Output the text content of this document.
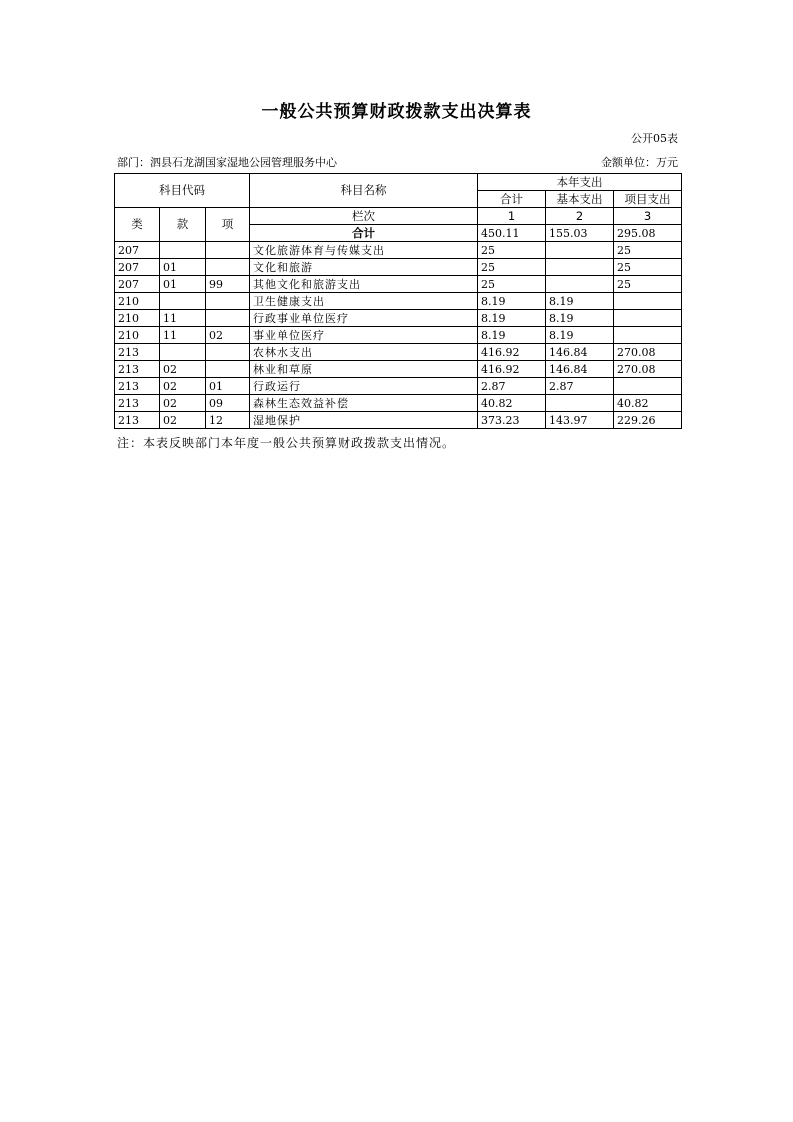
一般公共预算财政拨款支出决算表
公开05表
部门：泗县石龙湖国家湿地公园管理服务中心	金额单位：万元
科目代码			科目名称	本年支出		
				合计	基本支出	项目支出
类	款	项	栏次	1	2	3
			合计	450.11	155.03	295.08
207			文化旅游体育与传媒支出	25		25
207	01		文化和旅游	25		25
207	01	99	其他文化和旅游支出	25		25
210			卫生健康支出	8.19	8.19	
210	11		行政事业单位医疗	8.19	8.19	
210	11	02	事业单位医疗	8.19	8.19	
213			农林水支出	416.92	146.84	270.08
213	02		林业和草原	416.92	146.84	270.08
213	02	01	行政运行	2.87	2.87	
213	02	09	森林生态效益补偿	40.82		40.82
213	02	12	湿地保护	373.23	143.97	229.26
注：本表反映部门本年度一般公共预算财政拨款支出情况。
